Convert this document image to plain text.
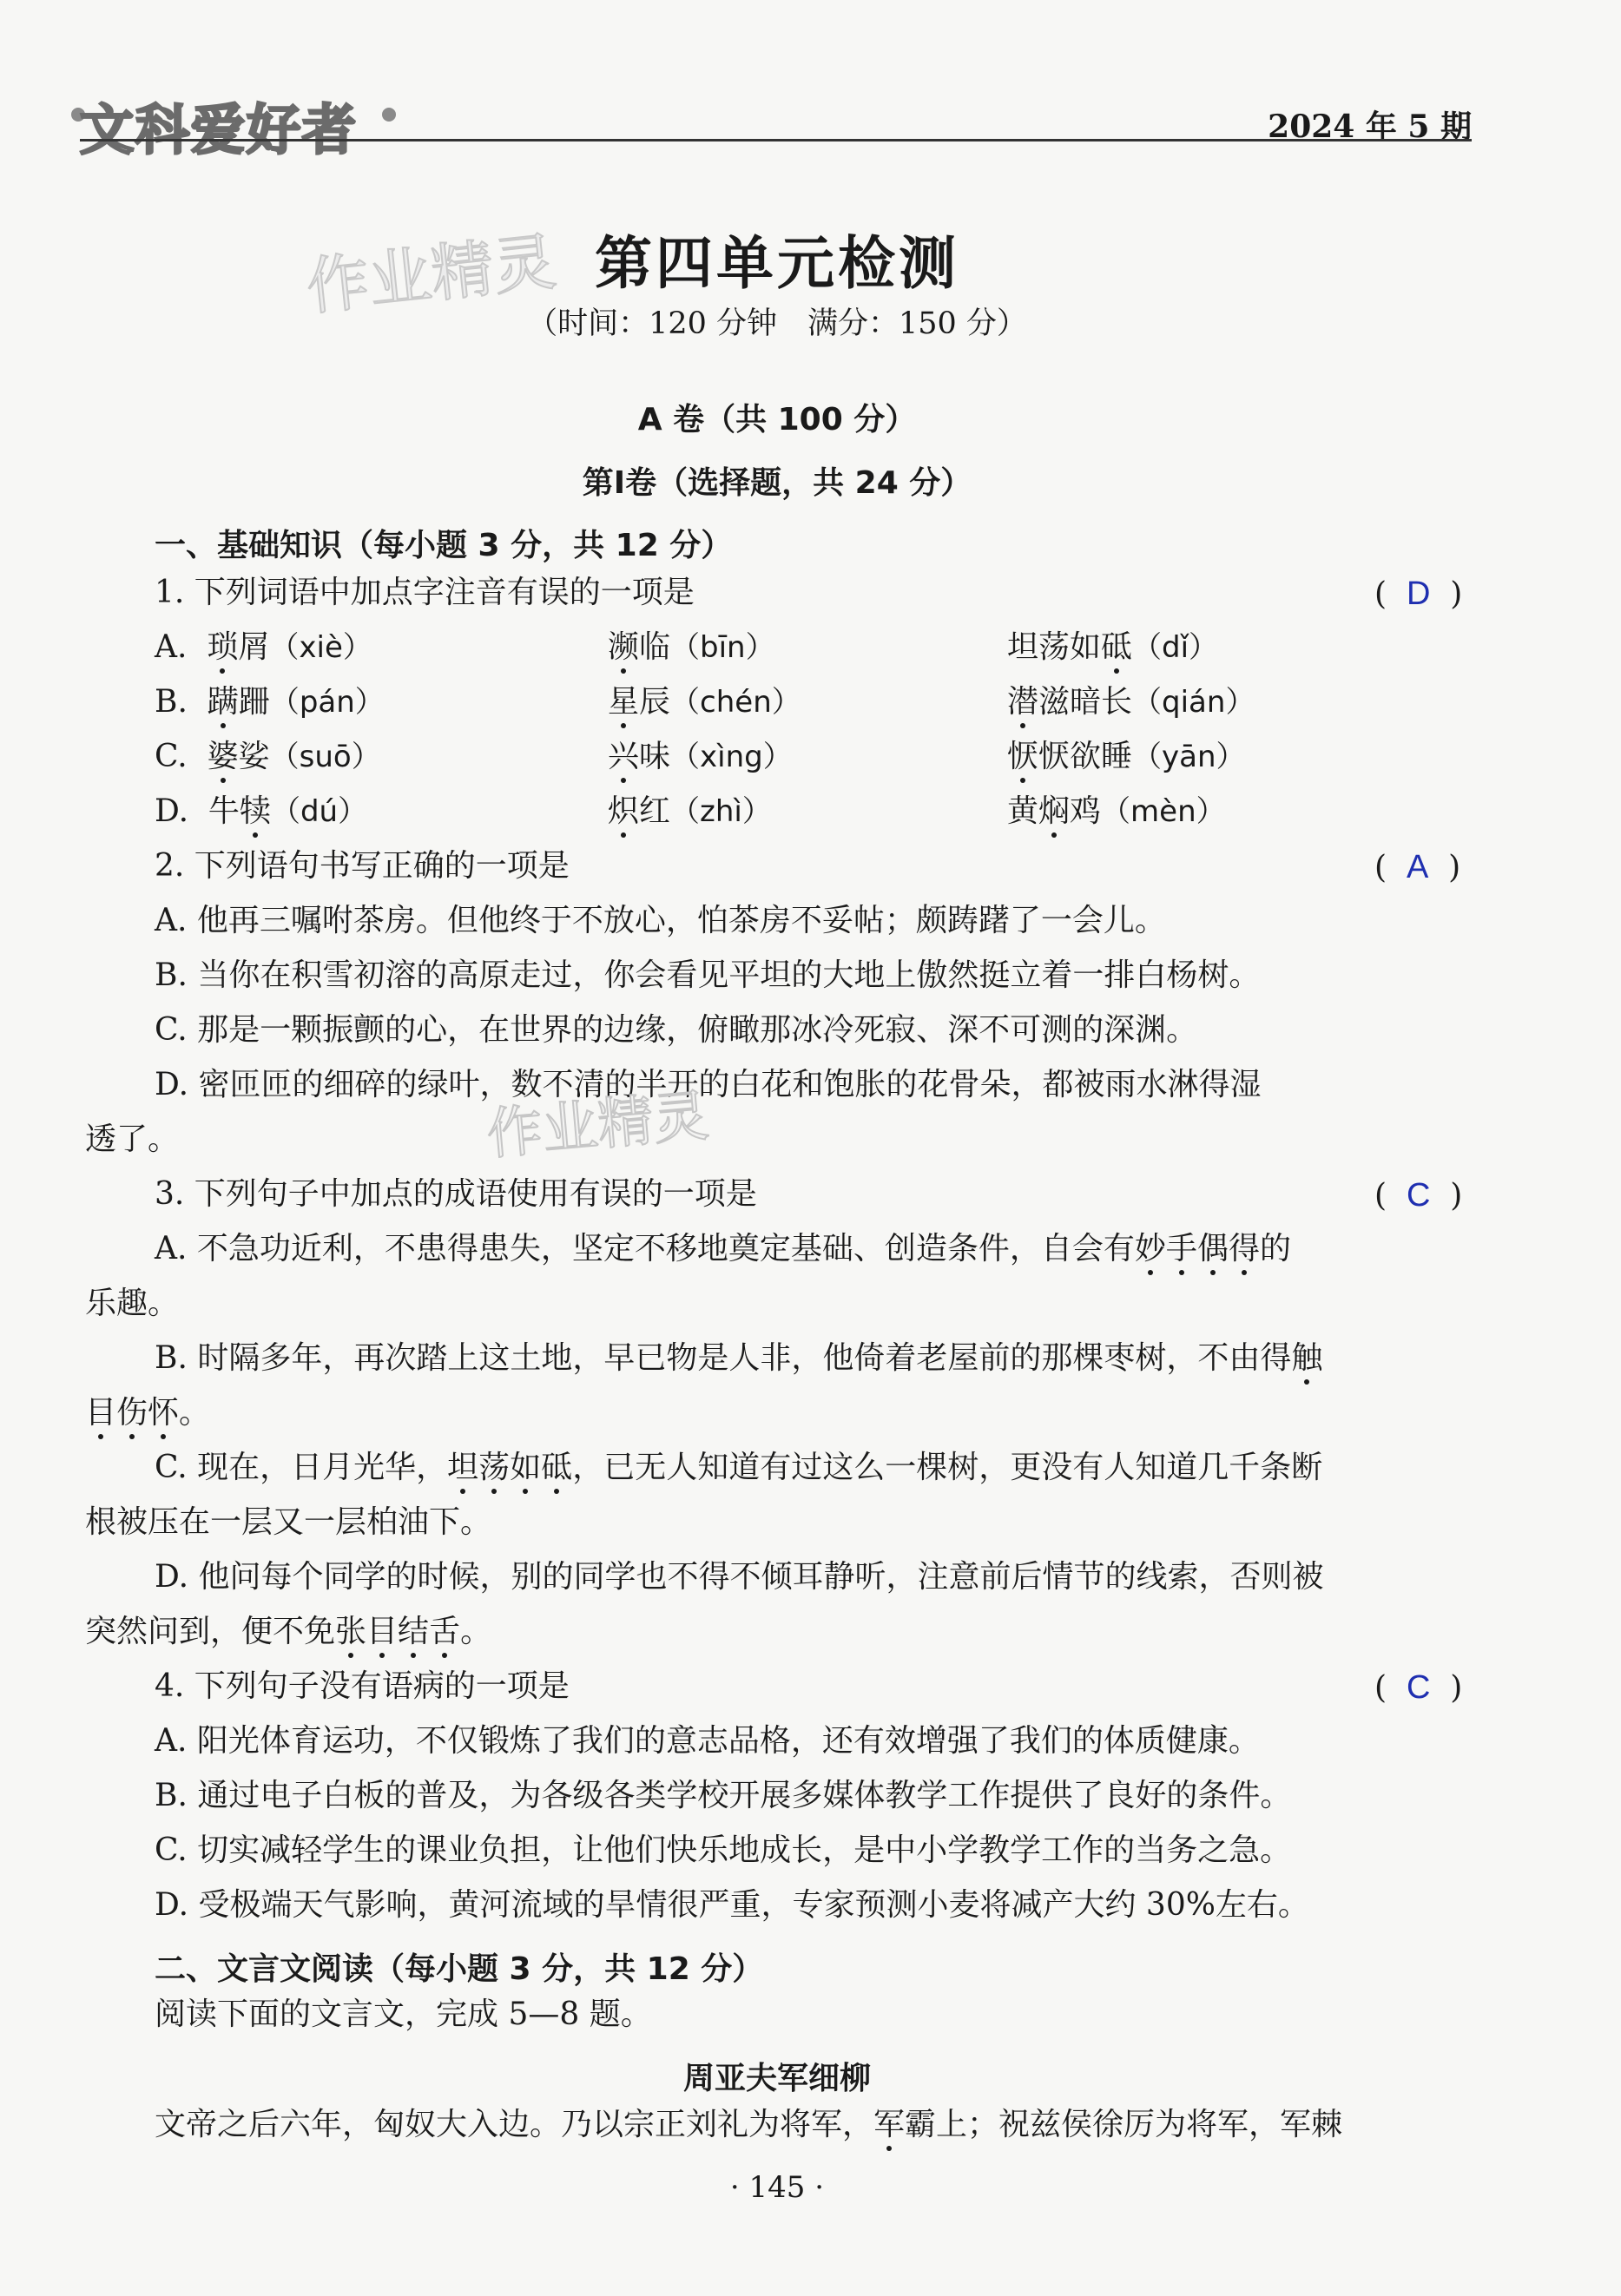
文科爱好者	2024 年 5 期
作业精灵 第四单元检测
（时间：120 分钟　满分：150 分）
A 卷（共 100 分）
第Ⅰ卷（选择题，共 24 分）
一、基础知识（每小题 3 分，共 12 分）
1. 下列词语中加点字注音有误的一项是	(  D  )
A. 琐屑（xiè）	濒临（bīn）	坦荡如砥（dǐ）
B. 蹒跚（pán）	星辰（chén）	潜滋暗长（qián）
C. 婆娑（suō）	兴味（xìng）	恹恹欲睡（yān）
D. 牛犊（dú）	炽红（zhì）	黄焖鸡（mèn）
2. 下列语句书写正确的一项是	(  A  )
A. 他再三嘱咐茶房。但他终于不放心，怕茶房不妥帖；颇踌躇了一会儿。
B. 当你在积雪初溶的高原走过，你会看见平坦的大地上傲然挺立着一排白杨树。
C. 那是一颗振颤的心，在世界的边缘，俯瞰那冰冷死寂、深不可测的深渊。
D. 密匝匝的细碎的绿叶，数不清的半开的白花和饱胀的花骨朵，都被雨水淋得湿
透了。	作业精灵
3. 下列句子中加点的成语使用有误的一项是	(  C  )
A. 不急功近利，不患得患失，坚定不移地奠定基础、创造条件，自会有妙手偶得的
乐趣。
B. 时隔多年，再次踏上这土地，早已物是人非，他倚着老屋前的那棵枣树，不由得触
目伤怀。
C. 现在，日月光华，坦荡如砥，已无人知道有过这么一棵树，更没有人知道几千条断
根被压在一层又一层柏油下。
D. 他问每个同学的时候，别的同学也不得不倾耳静听，注意前后情节的线索，否则被
突然问到，便不免张目结舌。
4. 下列句子没有语病的一项是	(  C  )
A. 阳光体育运功，不仅锻炼了我们的意志品格，还有效增强了我们的体质健康。
B. 通过电子白板的普及，为各级各类学校开展多媒体教学工作提供了良好的条件。
C. 切实减轻学生的课业负担，让他们快乐地成长，是中小学教学工作的当务之急。
D. 受极端天气影响，黄河流域的旱情很严重，专家预测小麦将减产大约 30%左右。
二、文言文阅读（每小题 3 分，共 12 分）
阅读下面的文言文，完成 5—8 题。
周亚夫军细柳
文帝之后六年，匈奴大入边。乃以宗正刘礼为将军，军霸上；祝兹侯徐厉为将军，军棘
· 145 ·
